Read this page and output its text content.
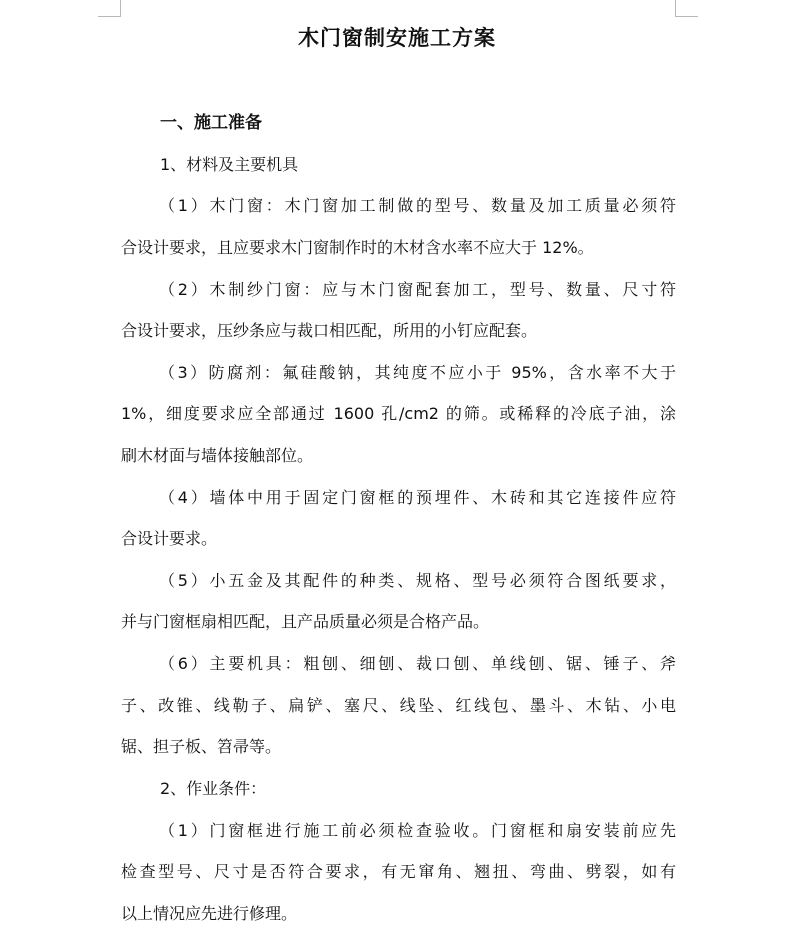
木门窗制安施工方案
一、施工准备
1、材料及主要机具
（1）木门窗：木门窗加工制做的型号、数量及加工质量必须符
合设计要求，且应要求木门窗制作时的木材含水率不应大于 12%。
（2）木制纱门窗：应与木门窗配套加工，型号、数量、尺寸符
合设计要求，压纱条应与裁口相匹配，所用的小钉应配套。
（3）防腐剂：氟硅酸钠，其纯度不应小于 95%，含水率不大于
1%，细度要求应全部通过 1600 孔/cm2 的筛。或稀释的冷底子油，涂
刷木材面与墙体接触部位。
（4）墙体中用于固定门窗框的预埋件、木砖和其它连接件应符
合设计要求。
（5）小五金及其配件的种类、规格、型号必须符合图纸要求，
并与门窗框扇相匹配，且产品质量必须是合格产品。
（6）主要机具：粗刨、细刨、裁口刨、单线刨、锯、锤子、斧
子、改锥、线勒子、扁铲、塞尺、线坠、红线包、墨斗、木钻、小电
锯、担子板、笤帚等。
2、作业条件：
（1）门窗框进行施工前必须检查验收。门窗框和扇安装前应先
检查型号、尺寸是否符合要求，有无窜角、翘扭、弯曲、劈裂，如有
以上情况应先进行修理。
